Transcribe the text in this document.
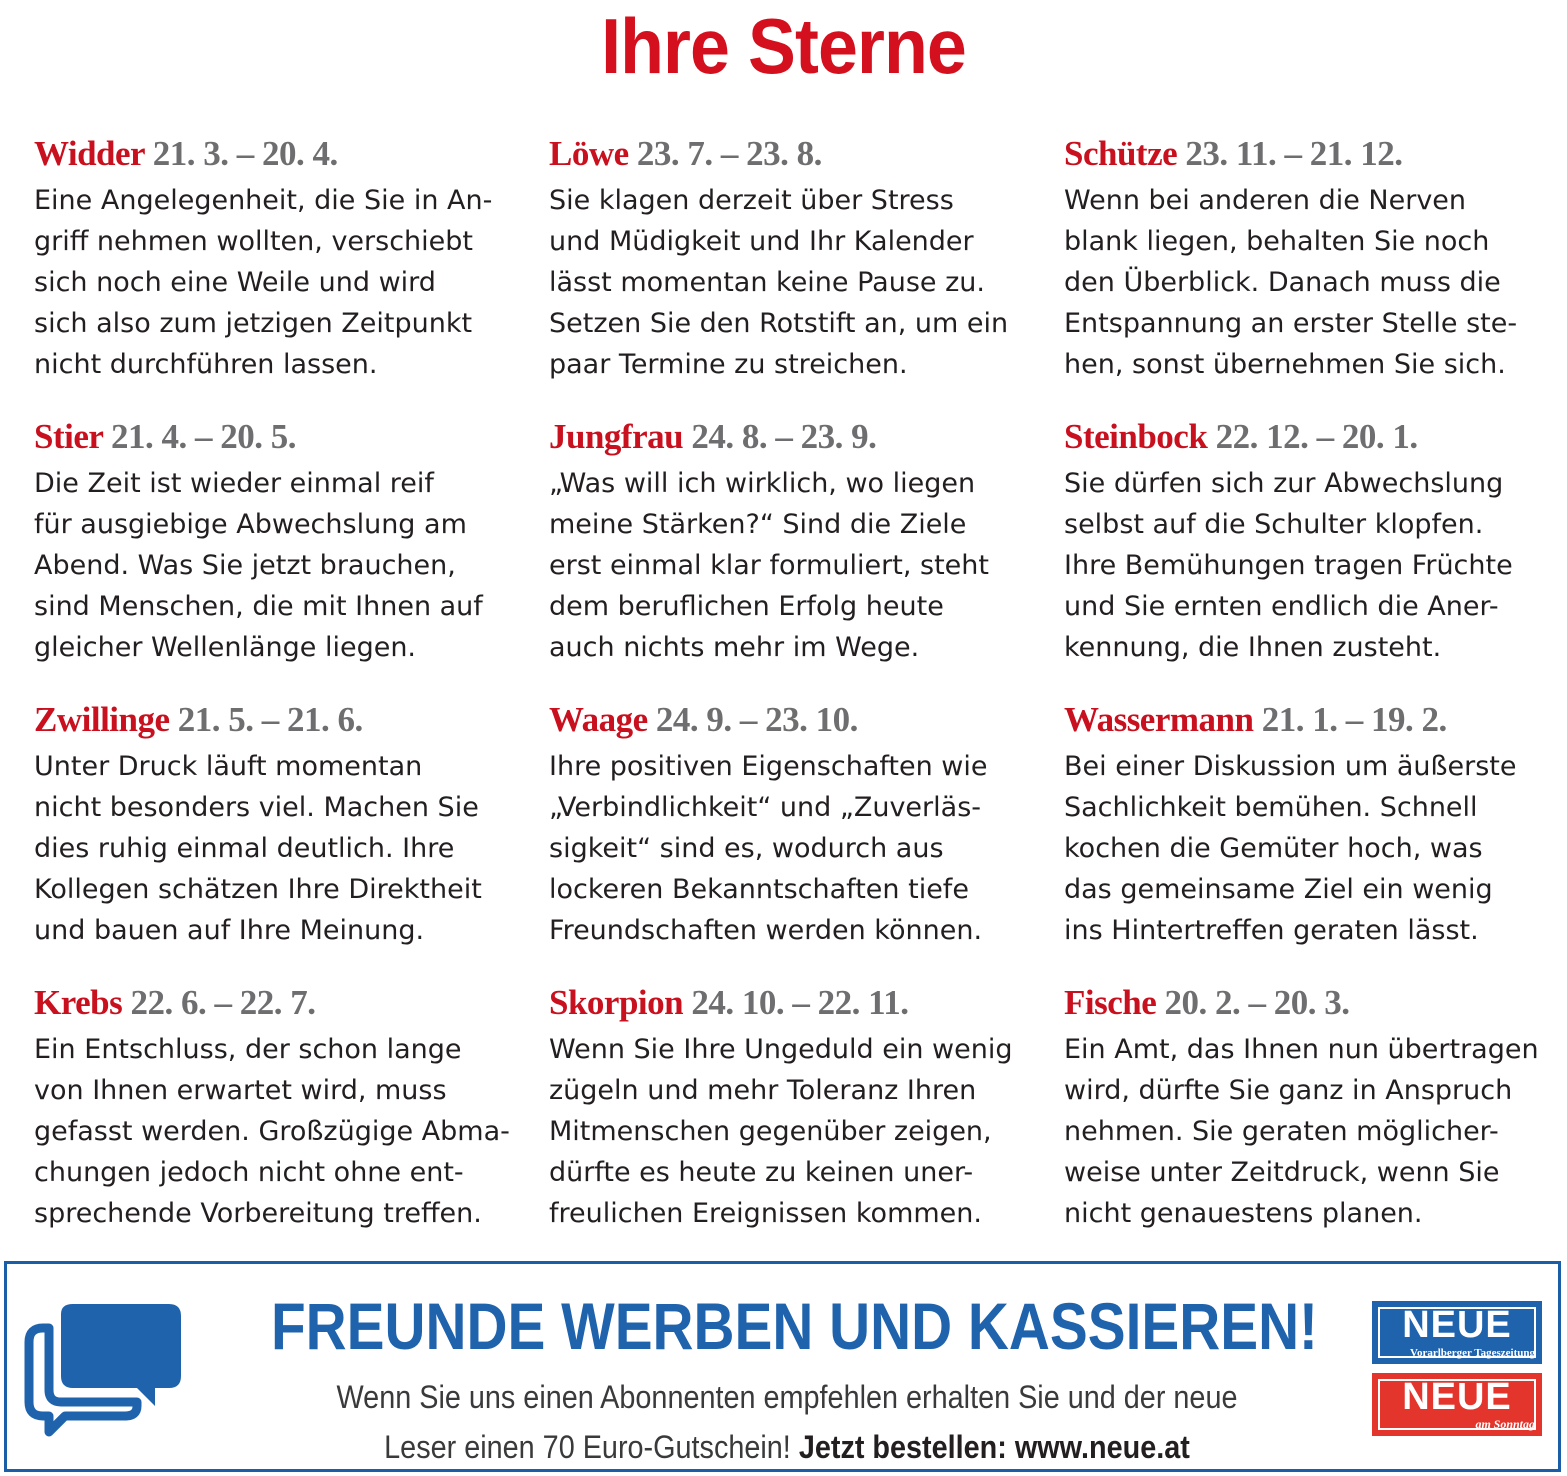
Ihre Sterne
Widder 21. 3. – 20. 4.

Eine Angelegenheit, die Sie in An-
griff nehmen wollten, verschiebt
sich noch eine Weile und wird
sich also zum jetzigen Zeitpunkt
nicht durchführen lassen.

Stier 21. 4. – 20. 5.

Die Zeit ist wieder einmal reif
für ausgiebige Abwechslung am
Abend. Was Sie jetzt brauchen,
sind Menschen, die mit Ihnen auf
gleicher Wellenlänge liegen.

Zwillinge 21. 5. – 21. 6.

Unter Druck läuft momentan
nicht besonders viel. Machen Sie
dies ruhig einmal deutlich. Ihre
Kollegen schätzen Ihre Direktheit
und bauen auf Ihre Meinung.

Krebs 22. 6. – 22. 7.

Ein Entschluss, der schon lange
von Ihnen erwartet wird, muss
gefasst werden. Großzügige Abma-
chungen jedoch nicht ohne ent-
sprechende Vorbereitung treffen.

Löwe 23. 7. – 23. 8.

Sie klagen derzeit über Stress
und Müdigkeit und Ihr Kalender
lässt momentan keine Pause zu.
Setzen Sie den Rotstift an, um ein
paar Termine zu streichen.

Jungfrau 24. 8. – 23. 9.

„Was will ich wirklich, wo liegen
meine Stärken?“ Sind die Ziele
erst einmal klar formuliert, steht
dem beruflichen Erfolg heute
auch nichts mehr im Wege.

Waage 24. 9. – 23. 10.

Ihre positiven Eigenschaften wie
„Verbindlichkeit“ und „Zuverläs-
sigkeit“ sind es, wodurch aus
lockeren Bekanntschaften tiefe
Freundschaften werden können.

Skorpion 24. 10. – 22. 11.

Wenn Sie Ihre Ungeduld ein wenig
zügeln und mehr Toleranz Ihren
Mitmenschen gegenüber zeigen,
dürfte es heute zu keinen uner-
freulichen Ereignissen kommen.

Schütze 23. 11. – 21. 12.

Wenn bei anderen die Nerven
blank liegen, behalten Sie noch
den Überblick. Danach muss die
Entspannung an erster Stelle ste-
hen, sonst übernehmen Sie sich.

Steinbock 22. 12. – 20. 1.

Sie dürfen sich zur Abwechslung
selbst auf die Schulter klopfen.
Ihre Bemühungen tragen Früchte
und Sie ernten endlich die Aner-
kennung, die Ihnen zusteht.

Wassermann 21. 1. – 19. 2.

Bei einer Diskussion um äußerste
Sachlichkeit bemühen. Schnell
kochen die Gemüter hoch, was
das gemeinsame Ziel ein wenig
ins Hintertreffen geraten lässt.

Fische 20. 2. – 20. 3.

Ein Amt, das Ihnen nun übertragen
wird, dürfte Sie ganz in Anspruch
nehmen. Sie geraten möglicher-
weise unter Zeitdruck, wenn Sie
nicht genauestens planen.

FREUNDE WERBEN UND KASSIEREN!
Wenn Sie uns einen Abonnenten empfehlen erhalten Sie und der neue
Leser einen 70 Euro-Gutschein! Jetzt bestellen: www.neue.at
NEUE
Vorarlberger Tageszeitung
NEUE
am Sonntag
